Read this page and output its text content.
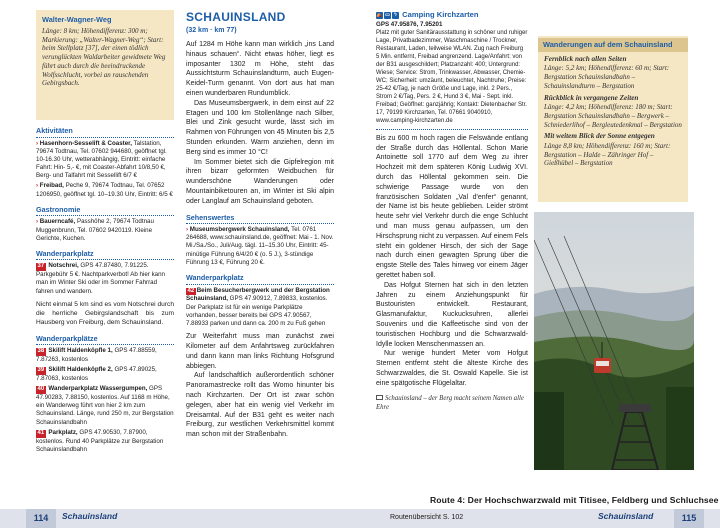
Walter-Wagner-Weg
Länge: 8 km; Höhendifferenz: 300 m; Markierung: „Walter-Wagner-Weg“; Start: beim Stellplatz [37], der einen tödlich verunglückten Waldarbeiter gewidmete Weg führt auch durch die beeindruckende Wolfsschlucht, vorbei an rauschenden Gebirgsbach.
Aktivitäten
› Hasenhorn-Sesselift & Coaster, Talstation, 79674 Todtnau, Tel. 07602 944680, geöffnet tgl. 10-16.30 Uhr, wetterabhängig, Eintritt: einfache Fahrt: Hin- 5,- €, mit Coaster-Abfahrt 10/8,50 €, Berg- und Talfahrt mit Sessellift 6/7 €
› Freibad, Peche 9, 79674 Todtnau, Tel. 07652 1206950, geöffnet tgl. 10–19.30 Uhr, Eintritt: 6/5 €
Gastronomie
› Bauerncafé, Passhöhe 2, 79674 Todtnau Muggenbrunn, Tel. 07602 9420119. Kleine Gerichte, Kuchen.
Wanderparkplatz
37 Notschrei, GPS 47.87480, 7.91225. Parkgebühr 5 €. Nachtparkverbot! Ab hier kann man im Winter Ski oder im Sommer Fahrrad fahren und wandern.
Nicht einmal 5 km sind es vom Notschrei durch die herrliche Gebirgslandschaft bis zum Hausberg von Freiburg, dem Schauinsland.
Wanderparkplätze
38 Skilift Haldenköpfle 1, GPS 47.88559, 7.87263, kostenlos
39 Skilift Haldenköpfle 2, GPS 47.89025, 7.87063, kostenlos
40 Wanderparkplatz Wassergumpen, GPS 47.90283, 7.88150, kostenlos. Auf 1168 m Höhe, ein Wanderweg führt von hier 2 km zum Schauinsland. Länge, rund 250 m, zur Bergstation Schauinslandbahn
41 Parkplatz, GPS 47.90530, 7.87900, kostenlos. Rund 40 Parkplätze zur Bergstation Schauinslandbahn
SCHAUINSLAND
(32 km · km 77)

Auf 1284 m Höhe kann man wirklich „ins Land hinaus schauen“. Nicht etwas höher, liegt es imposanter 1302 m Höhe, steht das Aussichtsturm Schauinslandturm, auch Eugen-Keidel-Turm genannt. Von dort aus hat man einen wunderbaren Rundumblick.

Das Museumsbergwerk, in dem einst auf 22 Etagen und 100 km Stollenlänge nach Silber, Blei und Zink gesucht wurde, lässt sich im Rahmen von Führungen von 45 Minuten bis 2,5 Stunden erkunden. Warm anziehen, denn im Berg sind es immer 10 °C!

Im Sommer bietet sich die Gipfelregion mit ihren bizarr geformten Weidbuchen für wunderschöne Wanderungen oder Mountainbiketouren an, im Winter ist Ski alpin oder Langlauf am Schauinsland geboten.

Sehenswertes
› Museumsbergwerk Schauinsland, Tel. 0761 264688, www.schauinsland.de, geöffnet: Mai - 1. Nov. Mi./Sa./So., Juli/Aug. tägl. 11–15.30 Uhr, Eintritt: 45-minütige Führung 6/4/20 € (o. 5 J.), 3-stündige Führung 13 €, Führung 20 €.
Wanderparkplatz
42 Beim Besucherbergwerk und der Bergstation Schauinsland, GPS 47.90912, 7.89833, kostenlos. Der Parkplatz ist für ein wenige Parkplätze vorhanden, besser bereits bei GPS 47.90567, 7.88933 parken und dann ca. 200 m zu Fuß gehen

Zur Weiterfahrt muss man zunächst zwei Kilometer auf dem Anfahrtsweg zurückfahren und dann kann man links Richtung Hofsgrund abbiegen.

Auf landschaftlich außerordentlich schöner Panoramastrecke rollt das Womo hinunter bis nach Kirchzarten. Der Ort ist zwar schön gelegen, aber hat ein wenig viel Verkehr im Dreisamtal. Auf der B31 geht es weiter nach Freiburg, zur westlichen Verkehrsmittel kommt man schon mit der Straßenbahn.

⛺ ▭ ϟ Camping Kirchzarten
GPS 47.95876, 7.95201
Platz mit guter Sanitärausstattung in schöner und ruhiger Lage, Privatbadezimmer, Waschmaschine / Trockner, Restaurant, Laden, teilweise WLAN. Zug nach Freiburg 5 Min. entfernt, Freibad angrenzend. Lage/Anfahrt: von der B31 ausgeschildert; Platzanzahl: 400; Untergrund: Wiese; Service: Strom, Trinkwasser, Abwasser, Chemie-WC; Sicherheit: umzäunt, beleuchtet, Nachtruhe; Preise: 25-42 €/Tag, je nach Größe und Lage, inkl. 2 Pers., Strom 2 €/Tag, Pers. 2 €, Hund 3 €, Mai - Sept. inkl. Freibad; Geöffnet: ganzjährig; Kontakt: Dietenbacher Str. 17, 79199 Kirchzarten, Tel. 07661 9040910, www.camping-kirchzarten.de

Bis zu 600 m hoch ragen die Felswände entlang der Straße durch das Höllental. Schon Marie Antoinette soll 1770 auf dem Weg zu ihrer Hochzeit mit dem späteren König Ludwig XVI. durch das Höllental gekommen sein. Die schwierige Passage wurde von den französischen Soldaten „Val d'enfer“ genannt, der Name ist bis heute geblieben. Leider strömt heute sehr viel Verkehr durch die enge Schlucht und man muss genau aufpassen, um den Hirschsprung nicht zu verpassen. Auf einem Fels steht ein goldener Hirsch, der sich der Sage nach durch einen gewagten Sprung über die engste Stelle des Tales hinweg vor einem Jäger gerettet haben soll.

Das Hofgut Sternen hat sich in den letzten Jahren zu einem Anziehungspunkt für Bustouristen entwickelt. Restaurant, Glasmanufaktur, Kuckucksuhren, allerlei Souvenirs und die Kaffeetische sind von der touristischen Hochburg und die Schwarzwald-Idylle locken Menschenmassen an.

Nur wenige hundert Meter vom Hofgut Sternen entfernt steht die älteste Kirche des Schwarzwaldes, die St. Oswald Kapelle. Sie ist eine spätgotische Flügelaltar.

Schauinsland – der Berg macht seinem Namen alle Ehre
Wanderungen auf dem Schauinsland
Fernblick nach allen Seiten
Länge: 5,2 km; Höhendifferenz: 60 m; Start: Bergstation Schauinslandbahn – Schauinslandturm – Bergstation
Rückblick in vergangene Zeiten
Länge: 4,2 km; Höhendifferenz: 180 m; Start: Bergstation Schauinslandbahn – Bergwerk – Schniederlihof – Bergleutedenkmal – Bergstation
Mit weitem Blick der Sonne entgegen
Länge 8,8 km; Höhendifferenz: 160 m; Start: Bergstation – Halde – Zähringer Hof – Gießhübel – Bergstation
Route 4: Der Hochschwarzwald mit Titisee, Feldberg und Schluchsee
114	Schauinsland	Routenübersicht S. 102	Schauinsland	115
